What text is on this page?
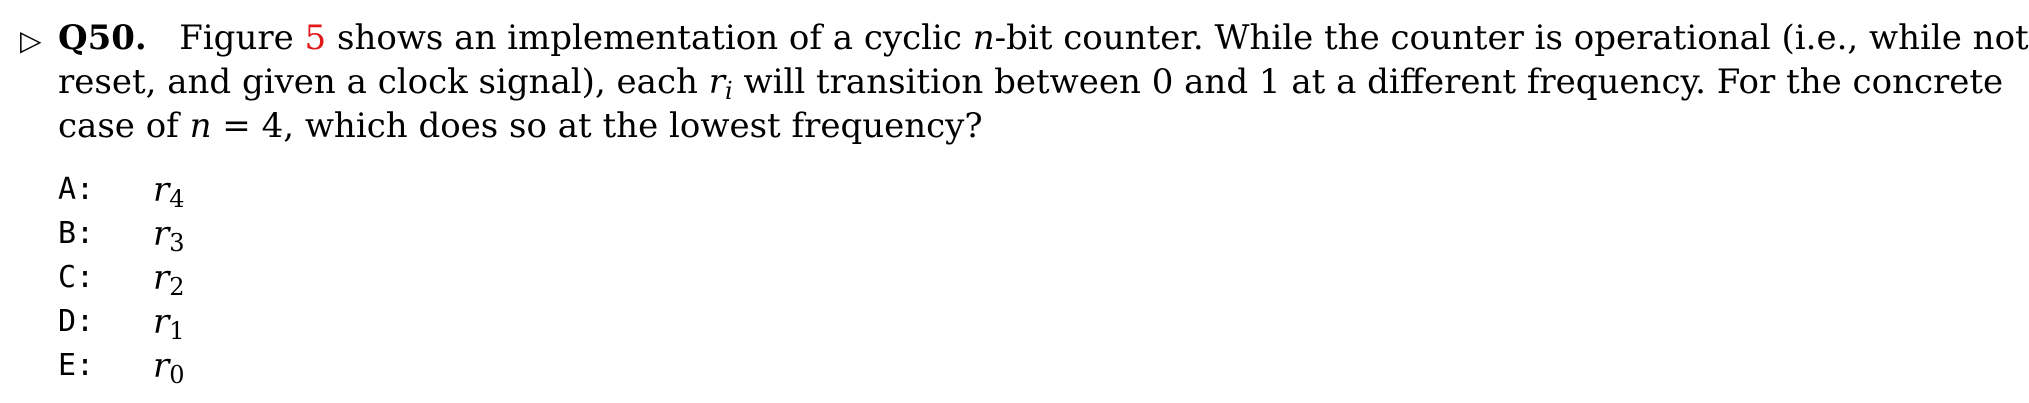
▷ Q50. Figure 5 shows an implementation of a cyclic n-bit counter. While the counter is operational (i.e., while not
reset, and given a clock signal), each $r_i$ will transition between 0 and 1 at a different frequency. For the concrete
case of n = 4, which does so at the lowest frequency?
A: $r_4$
B: $r_3$
C: $r_2$
D: $r_1$
E: $r_0$
